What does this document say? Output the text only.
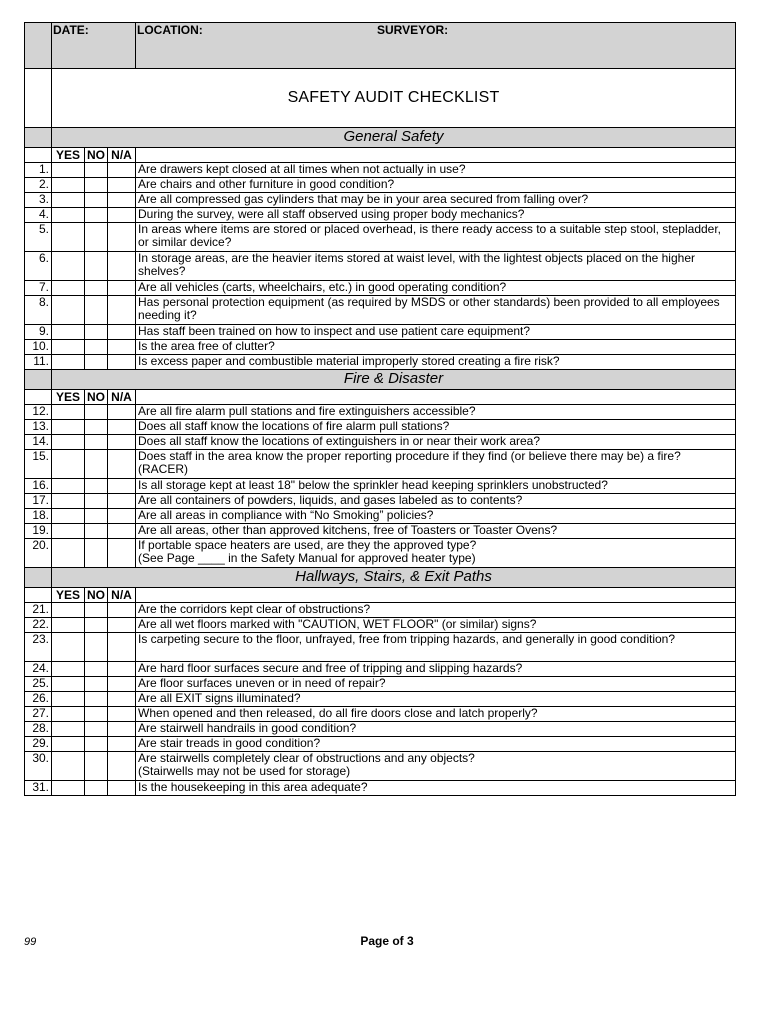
	DATE:			LOCATION: SURVEYOR:

	SAFETY AUDIT CHECKLIST			
	General Safety			
	YES	NO	N/A	
1.				Are drawers kept closed at all times when not actually in use?

2.				Are chairs and other furniture in good condition?

3.				Are all compressed gas cylinders that may be in your area secured from falling over?

4.				During the survey, were all staff observed using proper body mechanics?

5.				In areas where items are stored or placed overhead, is there ready access to a suitable step stool, stepladder, or similar device?

6.				In storage areas, are the heavier items stored at waist level, with the lightest objects placed on the higher shelves?

7.				Are all vehicles (carts, wheelchairs, etc.) in good operating condition?

8.				Has personal protection equipment (as required by MSDS or other standards) been provided to all employees needing it?

9.				Has staff been trained on how to inspect and use patient care equipment?

10.				Is the area free of clutter?

11.				Is excess paper and combustible material improperly stored creating a fire risk?

	Fire & Disaster			
	YES	NO	N/A	
12.				Are all fire alarm pull stations and fire extinguishers accessible?

13.				Does all staff know the locations of fire alarm pull stations?

14.				Does all staff know the locations of extinguishers in or near their work area?

15.				Does staff in the area know the proper reporting procedure if they find (or believe there may be) a fire? (RACER)

16.				Is all storage kept at least 18" below the sprinkler head keeping sprinklers unobstructed?

17.				Are all containers of powders, liquids, and gases labeled as to contents?

18.				Are all areas in compliance with “No Smoking” policies?

19.				Are all areas, other than approved kitchens, free of Toasters or Toaster Ovens?

20.				If portable space heaters are used, are they the approved type?
(See Page ____ in the Safety Manual for approved heater type)

	Hallways, Stairs, & Exit Paths			
	YES	NO	N/A	
21.				Are the corridors kept clear of obstructions?

22.				Are all wet floors marked with "CAUTION, WET FLOOR" (or similar) signs?

23.				Is carpeting secure to the floor, unfrayed, free from tripping hazards, and generally in good condition?

24.				Are hard floor surfaces secure and free of tripping and slipping hazards?

25.				Are floor surfaces uneven or in need of repair?

26.				Are all EXIT signs illuminated?

27.				When opened and then released, do all fire doors close and latch properly?

28.				Are stairwell handrails in good condition?

29.				Are stair treads in good condition?

30.				Are stairwells completely clear of obstructions and any objects?
(Stairwells may not be used for storage)

31.				Is the housekeeping in this area adequate?
99	Page of 3
